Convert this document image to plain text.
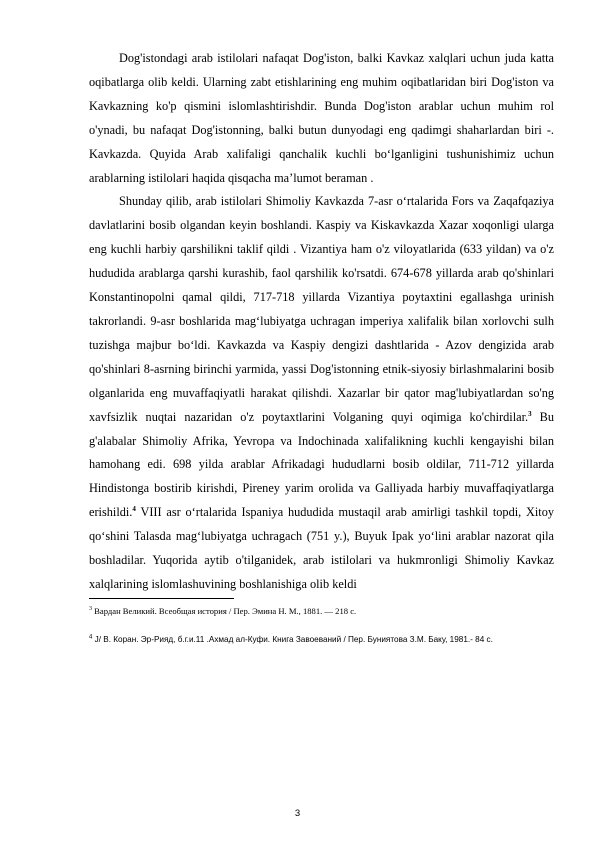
Dog'istondagi arab istilolari nafaqat Dog'iston, balki Kavkaz xalqlari uchun juda katta oqibatlarga olib keldi. Ularning zabt etishlarining eng muhim oqibatlaridan biri Dog'iston va Kavkazning ko'p qismini islomlashtirishdir. Bunda Dog'iston arablar uchun muhim rol o'ynadi, bu nafaqat Dog'istonning, balki butun dunyodagi eng qadimgi shaharlardan biri -. Kavkazda. Quyida Arab xalifaligi qanchalik kuchli bo‘lganligini tushunishimiz uchun arablarning istilolari haqida qisqacha ma’lumot beraman .

Shunday qilib, arab istilolari Shimoliy Kavkazda 7-asr o‘rtalarida Fors va Zaqafqaziya davlatlarini bosib olgandan keyin boshlandi. Kaspiy va Kiskavkazda Xazar xoqonligi ularga eng kuchli harbiy qarshilikni taklif qildi . Vizantiya ham o'z viloyatlarida (633 yildan) va o'z hududida arablarga qarshi kurashib, faol qarshilik ko'rsatdi. 674-678 yillarda arab qo'shinlari Konstantinopolni qamal qildi, 717-718 yillarda Vizantiya poytaxtini egallashga urinish takrorlandi. 9-asr boshlarida mag‘lubiyatga uchragan imperiya xalifalik bilan xorlovchi sulh tuzishga majbur bo‘ldi. Kavkazda va Kaspiy dengizi dashtlarida - Azov dengizida arab qo'shinlari 8-asrning birinchi yarmida, yassi Dog'istonning etnik-siyosiy birlashmalarini bosib olganlarida eng muvaffaqiyatli harakat qilishdi. Xazarlar bir qator mag'lubiyatlardan so'ng xavfsizlik nuqtai nazaridan o'z poytaxtlarini Volganing quyi oqimiga ko'chirdilar.$^3$ Bu g'alabalar Shimoliy Afrika, Yevropa va Indochinada xalifalikning kuchli kengayishi bilan hamohang edi. 698 yilda arablar Afrikadagi hududlarni bosib oldilar, 711-712 yillarda Hindistonga bostirib kirishdi, Pireney yarim orolida va Galliyada harbiy muvaffaqiyatlarga erishildi.$^4$ VIII asr o‘rtalarida Ispaniya hududida mustaqil arab amirligi tashkil topdi, Xitoy qo‘shini Talasda mag‘lubiyatga uchragach (751 y.), Buyuk Ipak yo‘lini arablar nazorat qila boshladilar. Yuqorida aytib o'tilganidek, arab istilolari va hukmronligi Shimoliy Kavkaz xalqlarining islomlashuvining boshlanishiga olib keldi

$^3$ Вардан Великий. Всеобщая история / Пер. Эмина Н. М., 1881. — 218 с.

$^4$ Ј/ В. Коран. Эр-Рияд, б.г.и.11 .Ахмад ал-Куфи. Книга Завоеваний / Пер. Буниятова З.М. Баку, 1981.- 84 с.

3
